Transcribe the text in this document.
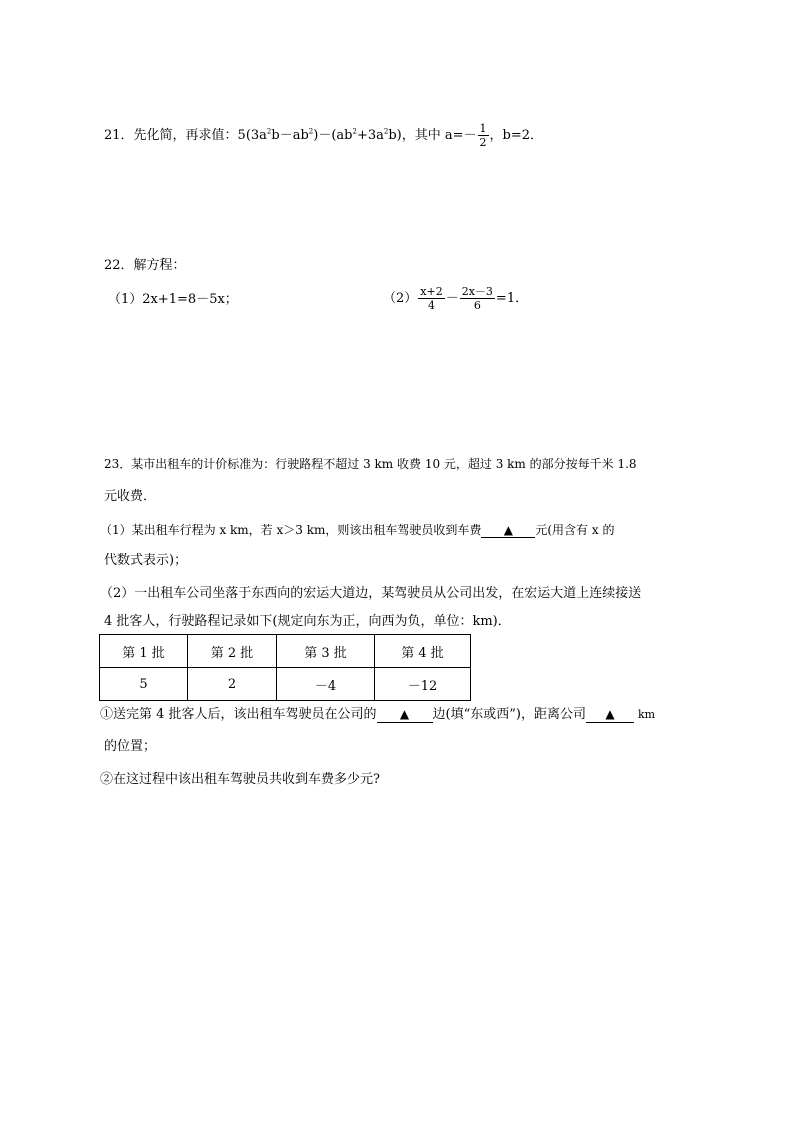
21．先化简，再求值：$5(3a^2b-ab^2)-(ab^2+3a^2b)$，其中 $a=- \frac{1}{2}$ ，b=2．
22．解方程：
（1）2x+1=8－5x；	$(2) \frac{x+2}{4} - \frac{2x-3}{6} =1$．
23．某市出租车的计价标准为：行驶路程不超过 3 km 收费 10 元，超过 3 km 的部分按每千米 1.8
元收费．
（1）某出租车行程为 x km，若 x＞3 km，则该出租车驾驶员收到车费 ▲ 元(用含有 x 的
代数式表示)；
（2）一出租车公司坐落于东西向的宏运大道边，某驾驶员从公司出发，在宏运大道上连续接送
4 批客人，行驶路程记录如下(规定向东为正，向西为负，单位：km)．
第 1 批	第 2 批	第 3 批	第 4 批
5	2	－4	－12
①送完第 4 批客人后，该出租车驾驶员在公司的 ▲ 边(填“东或西”)，距离公司 ▲ km
的位置；
②在这过程中该出租车驾驶员共收到车费多少元?
